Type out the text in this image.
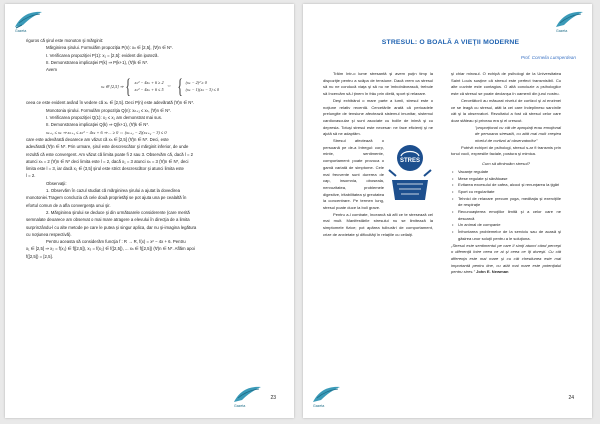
Gazeta

riguros că şirul este monoton şi mărginit:

Mărginirea şirului. Formulăm propoziţia P(n): xₙ ∈ [2,5], (∀)n ∈ N*.

I. Verificarea propoziţiei P(1): x₁ = [2,5]: evident din ipoteză.

II. Demonstrarea implicaţiei P(k) ⇒ P(k+1), (∀)k ∈ N*.

Avem

xₖ ∈ [2,5] ⇒ { xₖ² − 4xₖ + 6 ≥ 2
xₖ² − 4xₖ + 6 ≤ 5
⇔ { (xₖ − 2)² ≥ 0
(xₖ − 1)(xₖ − 3) ≤ 0

ceea ce este evident având în vedere că xₖ ∈ [2,5]. Deci P(n) este adevărată (∀)n ∈ N*.

Monotonia şirului. Formulăm propoziţia Q(n): xₙ₊₁ ≤ xₙ, (∀)n ∈ N*.

I. Verificarea propoziţiei Q(1): x₂ ≤ x₁ am demonstrat mai sus.

II. Demonstrarea implicaţiei Q(k) ⇒ Q(k+1), (∀)k ∈ N*.

xₖ₊₁ ≤ xₖ ⇒ xₖ₊₁ ≤ xₖ² − 4xₖ + 6 ⇒ ... ≥ 0 ⇔ (xₖ₊₁ − 2)(xₖ₊₂ − 3) ≤ 0

care este adevărată deoarece am văzut că xₙ ∈ [2,5] (∀)n ∈ N*. Deci, este

adevărată (∀)n ∈ N*. Prin urmare, şirul este descrescător şi mărginit inferior, de unde

rezultă că este convergent. Am văzut că limita poate fi 2 sau 3. Observăm că, dacă l = 2

atunci xₙ = 2 (∀)n ∈ N* deci limita este l = 2, dacă x₁ = 3 atunci xₙ = 3 (∀)n ∈ N*, deci

limita este l = 3, iar dacă x₁ ∈ (3,5] şirul este strict descrescător şi atunci limita este

l = 2.

Observaţii:

1. Observăm în cazul studiat că mărginirea şirului a ajutat la dovedirea

monotoniei.Tragem concluzia că cele două proprietăţi se pot ajuta una pe cealaltă în

efortul comun de a afla convergenţa unui şir.

2. Mărginirea şirului se deduce şi din următoarele considerente (care merită

semnalate deoarece am observat o mai mare atragere a elevului în direcţia de a limita

surprinzându-l cu alte metode pe care le putea şi singur aplica, dar nu şi-imagina legătura

cu noţiunea respectivă).

Pentru aceasta să considerăm funcţia f : R → R, f(x) = x² − 4x + 6. Pentru

x₁ ∈ [2,5] ⇒ x₂ = f(x₁) ∈ f([2,5]), x₃ = f(x₂) ∈ f([2,5]), ... xₙ ∈ f([2,5]) (∀)n ∈ N*. Aflăm apoi

f([2,5]) = [2,5].

Gazeta
23
Gazeta
STRESUL: O BOALĂ A VIEŢII MODERNE
Prof. Cornelia Lumperdean

Trăim într-o lume stresantă şi avem puţin timp la dispoziţie pentru a scăpa de tensiune. Dacă vrem ca stresul să nu ne conducă viaţa şi să nu ne îmbolnăvească, trebuie să încercăm să-l ţinem în frâu prin dietă, sport şi relaxare.

Deşi exhibând o mare parte a lumii, stresul este o noţiune relativ recentă. Cercetările arată că perioadele prelungite de tensiune afectează sistemul imunitar, sistemul cardiovascular şi sunt asociate cu bolile de inimă şi cu depresia. Totuşi stresul este necesar: ne face eficienţi şi ne ajută să ne adaptăm.

STRES

Stresul afectează o persoană pe de-a întregul: corp, minte, sentimente, comportament: poate provoca o gamă variată de simptome. Cele mai frecvente sunt durerea de cap, insomnia, oboseala, nervozitatea, problemele digestive, iritabilitatea şi greutatea la concentrare. Pe termen lung, stresul poate duce la boli grave.

Pentru a-l combate, încearcă să afli ce te stresează cel mai mult. Manifestările stresului nu se limitează la simptomele fizice; pot apărea tulburări de comportament, crize de anxietate şi dificultăţi în relaţiile cu ceilalţi.

şi chiar mirosul. O echipă de psihologi de la Universitatea Saint Louis susţine că stresul este perfect transmisibil. Cu alte cuvinte este contagios. O altă concluzie a psihologilor este că stresul se poate declanşa în oamenii din jurul nostru.

Cercetătorii au măsurat nivelul de cortizol şi al enzimei ce se leagă cu stresul, atât la cei care îndeplinesc sarcinile cât şi la observatori. Rezultatul a fost că stresul celor care doar stăteau şi priveau era şi el crescut.

"proporţional cu cât de apropiaţi erau emoţional de persoana stresată, cu atât mai mult creştea nivelul de cortizol al observatorilor"

Potrivit echipei de psihologi, stresul s-ar fi transmis prin tonul vocii, expresiile faciale, postura şi mimica.

Cum să diminuăm stresul?
• Vacanţe regulate
• Mese regulate şi sănătoase
• Evitarea excesului de cafea, alcool şi renunţarea la ţigări
• Sport cu regularitate
• Tehnici de relaxare precum yoga, meditaţia şi exerciţiile de respiraţie
• Recunoaşterea emoţiilor limită şi a celor care ne descarcă
• Un animal de companie
• Înfruntarea problemelor de la serviciu sau de acasă şi găsirea unor soluţii pentru a le soluţiona.

„Stresul este sentimentul pe care îl simţi atunci când percepi o diferenţă între ceea ce ai şi ceea ce îţi doreşti. Cu cât diferenţa este mai mare şi cu cât chestiunea este mai importantă pentru tine, cu atât mai mare este potenţialul pentru stres." John E. Newman

Gazeta
24
